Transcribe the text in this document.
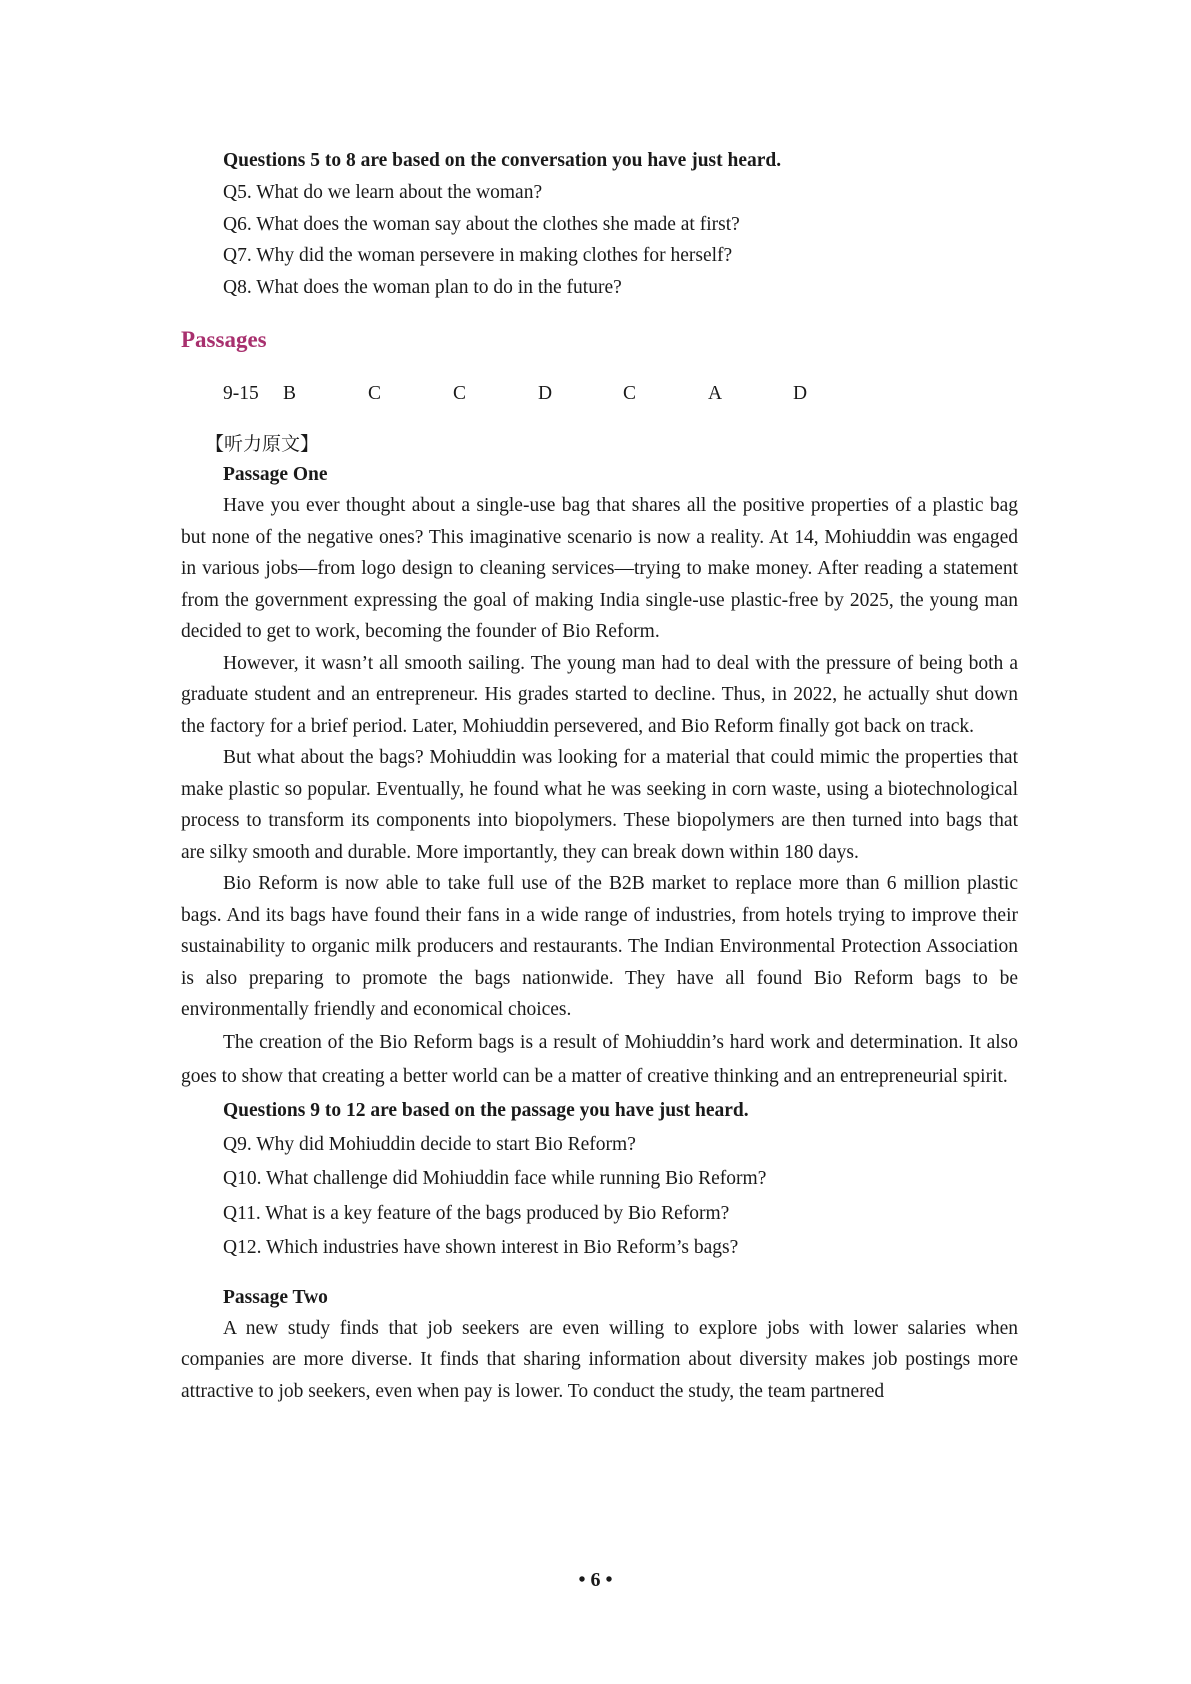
Questions 5 to 8 are based on the conversation you have just heard.

Q5. What do we learn about the woman?

Q6. What does the woman say about the clothes she made at first?

Q7. Why did the woman persevere in making clothes for herself?

Q8. What does the woman plan to do in the future?

Passages
9-15	B	C	C	D	C	A	D
【听力原文】

Passage One

Have you ever thought about a single-use bag that shares all the positive properties of a plastic bag but none of the negative ones? This imaginative scenario is now a reality. At 14, Mohiuddin was engaged in various jobs—from logo design to cleaning services—trying to make money. After reading a statement from the government expressing the goal of making India single-use plastic-free by 2025, the young man decided to get to work, becoming the founder of Bio Reform.

However, it wasn’t all smooth sailing. The young man had to deal with the pressure of being both a graduate student and an entrepreneur. His grades started to decline. Thus, in 2022, he actually shut down the factory for a brief period. Later, Mohiuddin persevered, and Bio Reform finally got back on track.

But what about the bags? Mohiuddin was looking for a material that could mimic the properties that make plastic so popular. Eventually, he found what he was seeking in corn waste, using a biotechnological process to transform its components into biopolymers. These biopolymers are then turned into bags that are silky smooth and durable. More importantly, they can break down within 180 days.

Bio Reform is now able to take full use of the B2B market to replace more than 6 million plastic bags. And its bags have found their fans in a wide range of industries, from hotels trying to improve their sustainability to organic milk producers and restaurants. The Indian Environmental Protection Association is also preparing to promote the bags nationwide. They have all found Bio Reform bags to be environmentally friendly and economical choices.

The creation of the Bio Reform bags is a result of Mohiuddin’s hard work and determination. It also goes to show that creating a better world can be a matter of creative thinking and an entrepreneurial spirit.

Questions 9 to 12 are based on the passage you have just heard.

Q9. Why did Mohiuddin decide to start Bio Reform?

Q10. What challenge did Mohiuddin face while running Bio Reform?

Q11. What is a key feature of the bags produced by Bio Reform?

Q12. Which industries have shown interest in Bio Reform’s bags?

Passage Two

A new study finds that job seekers are even willing to explore jobs with lower salaries when companies are more diverse. It finds that sharing information about diversity makes job postings more attractive to job seekers, even when pay is lower. To conduct the study, the team partnered

• 6 •
